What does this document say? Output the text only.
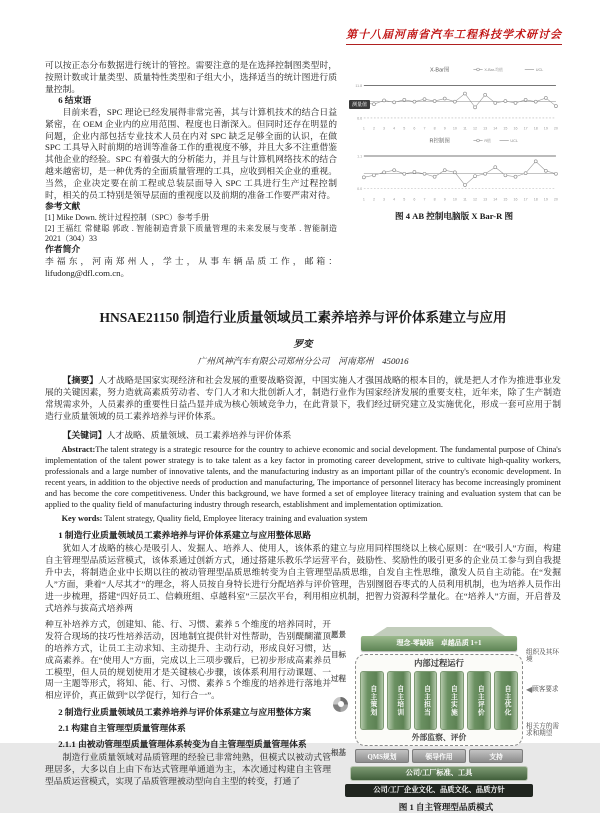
第十八届河南省汽车工程科技学术研讨会

可以按正态分布数据进行统计的管控。需要注意的是在选择控制图类型时，按照计数或计量类型、质量特性类型和子组大小，选择适当的统计图进行质量控制。

6 结束语

目前来看，SPC 理论已经发展得非常完善，其与计算机技术的结合日益紧密，在 OEM 企业内的应用范围、程度也日渐深入。但同时还存在明显的问题，企业内部包括专业技术人员在内对 SPC 缺乏足够全面的认识，在做 SPC 工具导入时前期的培训等准备工作的重视度不够，并且大多不注重借鉴其他企业的经验。SPC 有着强大的分析能力，并且与计算机网络技术的结合越来越密切，是一种优秀的全面质量管理的工具，应收到相关企业的重视。当然，企业决定要在前工程或总装层面导入 SPC 工具进行生产过程控制时，相关的员工特别是领导层面的重视度以及前期的准备工作要严肃对待。

参考文献

[1] Mike Down. 统计过程控制（SPC）参考手册

[2] 王福红 常健聪 郭政 . 智能制造背景下质量管理的未来发展与变革 . 智能制造 2021（304）33

作者简介

李福东，河南郑州人，学士，从事车辆品质工作，邮箱：lifudong@dfl.com.cn。

X-Bar图	X-Bar-均值	UCL
11.8
6.6
1 2 3 4 5 6 7 8 9 10 11 12 13 14 15 16 17 18 19 20
测量值
R控制图	R值	UCL
1.1
0.0
1 2 3 4 5 6 7 8 9 10 11 12 13 14 15 16 17 18 19 20
图 4 AB 控制电脑版 X Bar-R 图

HNSAE21150 制造行业质量领域员工素养培养与评价体系建立与应用

罗变

广州风神汽车有限公司郑州分公司　河南郑州　450016

【摘要】人才战略是国家实现经济和社会发展的重要战略资源，中国实施人才强国战略的根本目的，就是把人才作为推进事业发展的关键因素，努力造就高素质劳动者、专门人才和大批创新人才，制造行业作为国家经济发展的重要支柱，近年来，除了生产制造常规需求外，人员素养的重要性日益凸显并成为核心领域竞争力，在此背景下，我们经过研究建立及实施优化，形成一套可应用于制造行业质量领域的员工素养培养与评价体系。

【关键词】人才战略、质量领域、员工素养培养与评价体系

Abstract:The talent strategy is a strategic resource for the country to achieve economic and social development. The fundamental purpose of China's implementation of the talent power strategy is to take talent as a key factor in promoting career development, strive to cultivate high-quality workers, professionals and a large number of innovative talents, and the manufacturing industry as an important pillar of the country's economic development. In recent years, in addition to the objective needs of production and manufacturing, The importance of personnel literacy has become increasingly prominent and has become the core competitiveness. Under this background, we have formed a set of employee literacy training and evaluation system that can be applied to the quality field of manufacturing industry through research, establishment and implementation optimization.

Key words: Talent strategy, Quality field, Employee literacy training and evaluation system

1 制造行业质量领域员工素养培养与评价体系建立与应用整体思路

犹如人才战略的核心是吸引人、发掘人、培养人、使用人，该体系的建立与应用同样围绕以上核心原则：在“吸引人”方面，构建自主管理型品质运营模式，该体系通过创新方式，通过搭建乐教乐学运营平台，鼓励性、奖励性的吸引更多的企业员工参与到自我提升中去，将制造企业中长期以往的被动管理型品质思维转变为自主管理型品质思维，自发自主性思维，激发人员自主动能。在“发掘人”方面，秉着“人尽其才”的理念，将人员按自身特长进行分配培养与评价管理，告别囫囵吞枣式的人员利用机制，也为培养人员作出进一步梳理，搭建“四好员工、信赖班组、卓越科室”三层次平台，利用相应机制，把智力资源科学量化。在“培养人”方面，开启普及式培养与拔高式培养两

种互补培养方式，创建知、能、行、习惯、素养 5 个维度的培养同时，开发符合现场的技巧性培养活动，因地制宜提供针对性帮助，告别醍醐灌顶的培养方式，让员工主动求知、主动提升、主动行动，形成良好习惯，达成高素养。在“使用人”方面，完成以上三项步骤后，已初步形成高素养员工模型，但人员的规划使用才是关键核心步骤，该体系利用行动课题、一周一主题等形式，将知、能、行、习惯、素养 5 个维度的培养进行落地并相应评价，真正做到“以学促行，知行合一”。

2 制造行业质量领域员工素养培养与评价体系建立与应用整体方案

2.1 构建自主管理型质量管理体系

2.1.1 由被动管理型质量管理体系转变为自主管理型质量管理体系

制造行业质量领域对品质管理的经验已非常纯熟，但模式以被动式管理居多，大多以自上由下布达式管理单通道为主，本次通过构建自主管理型品质运营模式，实现了品质管理被动型向自主型的转变，打通了

愿景
目标
过程
根基
理念-零缺陷　卓越品质 1+1
内部过程运行
自主策划	自主培训	自主担当	自主实施	自主评价	自主优化
外部监察、评价
QMS规划	领导作用	支持
公司/工厂标准、工具
公司/工厂企业文化、品质文化、品质方针
组织及其环境
◀顾客要求
相关方的需求和期望
图 1 自主管理型品质模式
